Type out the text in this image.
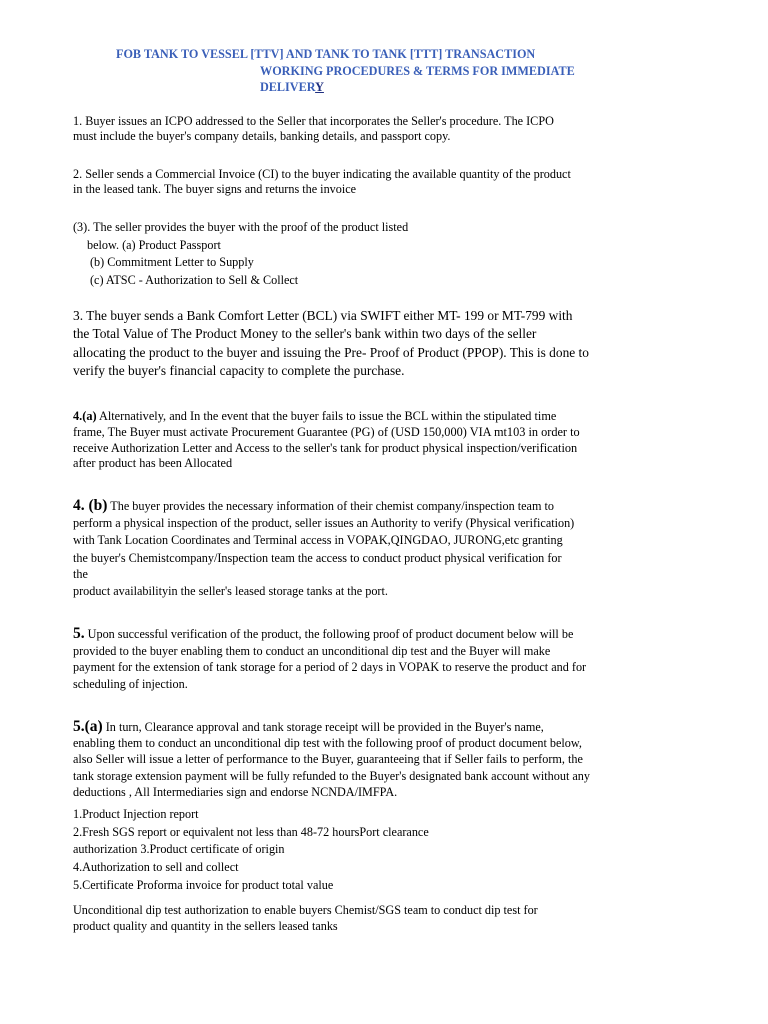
FOB TANK TO VESSEL [TTV] AND TANK TO TANK [TTT] TRANSACTION
WORKING PROCEDURES & TERMS FOR IMMEDIATE
DELIVERY
1. Buyer issues an ICPO addressed to the Seller that incorporates the Seller's procedure. The ICPO
must include the buyer's company details, banking details, and passport copy.
2. Seller sends a Commercial Invoice (CI) to the buyer indicating the available quantity of the product
in the leased tank. The buyer signs and returns the invoice
(3). The seller provides the buyer with the proof of the product listed
below. (a) Product Passport
(b) Commitment Letter to Supply
(c) ATSC - Authorization to Sell & Collect
3. The buyer sends a Bank Comfort Letter (BCL) via SWIFT either MT- 199 or MT-799 with
the Total Value of The Product Money to the seller's bank within two days of the seller
allocating the product to the buyer and issuing the Pre- Proof of Product (PPOP). This is done to
verify the buyer's financial capacity to complete the purchase.
4.(a) Alternatively, and In the event that the buyer fails to issue the BCL within the stipulated time
frame, The Buyer must activate Procurement Guarantee (PG) of (USD 150,000) VIA mt103 in order to
receive Authorization Letter and Access to the seller's tank for product physical inspection/verification
after product has been Allocated
4. (b) The buyer provides the necessary information of their chemist company/inspection team to
perform a physical inspection of the product, seller issues an Authority to verify (Physical verification)
with Tank Location Coordinates and Terminal access in VOPAK,QINGDAO, JURONG,etc granting
the buyer's Chemistcompany/Inspection team the access to conduct product physical verification for
the
product availabilityin the seller's leased storage tanks at the port.
5. Upon successful verification of the product, the following proof of product document below will be
provided to the buyer enabling them to conduct an unconditional dip test and the Buyer will make
payment for the extension of tank storage for a period of 2 days in VOPAK to reserve the product and for
scheduling of injection.
5.(a) In turn, Clearance approval and tank storage receipt will be provided in the Buyer's name,
enabling them to conduct an unconditional dip test with the following proof of product document below,
also Seller will issue a letter of performance to the Buyer, guaranteeing that if Seller fails to perform, the
tank storage extension payment will be fully refunded to the Buyer's designated bank account without any
deductions , All Intermediaries sign and endorse NCNDA/IMFPA.
1.Product Injection report
2.Fresh SGS report or equivalent not less than 48-72 hoursPort clearance
authorization 3.Product certificate of origin
4.Authorization to sell and collect
5.Certificate Proforma invoice for product total value
Unconditional dip test authorization to enable buyers Chemist/SGS team to conduct dip test for
product quality and quantity in the sellers leased tanks
